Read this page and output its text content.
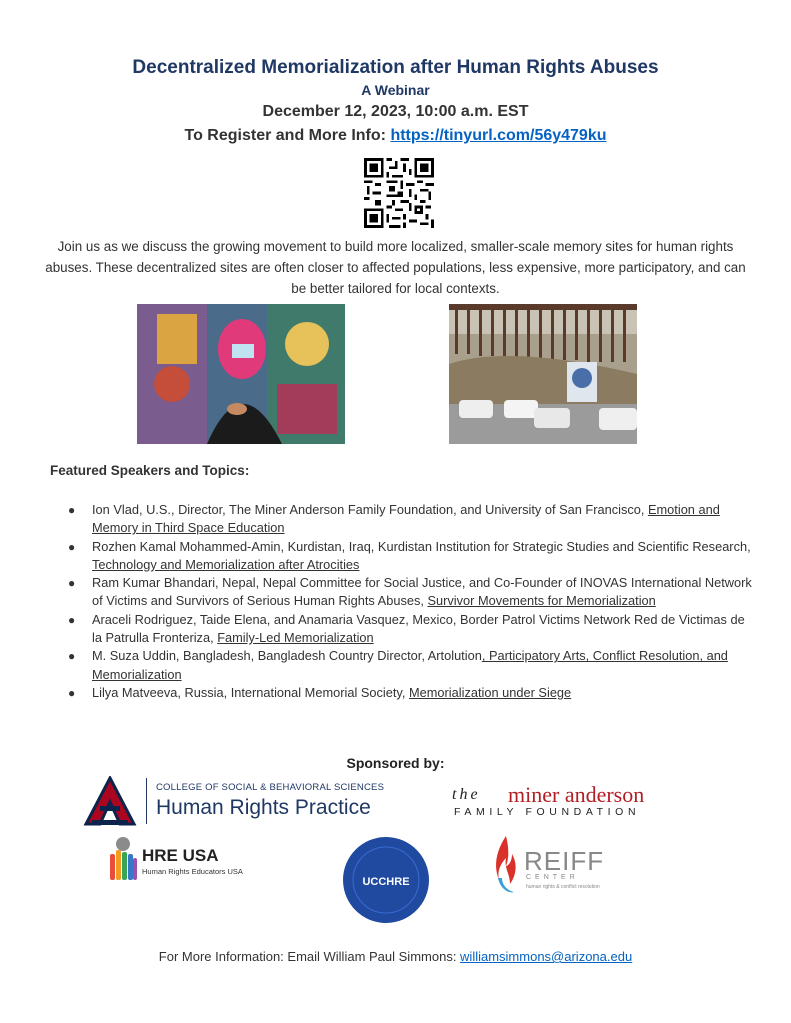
Decentralized Memorialization after Human Rights Abuses
A Webinar
December 12, 2023, 10:00 a.m. EST
To Register and More Info: https://tinyurl.com/56y479ku
Join us as we discuss the growing movement to build more localized, smaller-scale memory sites for human rights abuses. These decentralized sites are often closer to affected populations, less expensive, more participatory, and can be better tailored for local contexts.
Featured Speakers and Topics:
● Ion Vlad, U.S., Director, The Miner Anderson Family Foundation, and University of San Francisco, Emotion and Memory in Third Space Education
● Rozhen Kamal Mohammed-Amin, Kurdistan, Iraq, Kurdistan Institution for Strategic Studies and Scientific Research, Technology and Memorialization after Atrocities
● Ram Kumar Bhandari, Nepal, Nepal Committee for Social Justice, and Co-Founder of INOVAS International Network of Victims and Survivors of Serious Human Rights Abuses, Survivor Movements for Memorialization
● Araceli Rodriguez, Taide Elena, and Anamaria Vasquez, Mexico, Border Patrol Victims Network Red de Victimas de la Patrulla Fronteriza, Family-Led Memorialization
● M. Suza Uddin, Bangladesh, Bangladesh Country Director, Artolution, Participatory Arts, Conflict Resolution, and Memorialization
● Lilya Matveeva, Russia, International Memorial Society, Memorialization under Siege
Sponsored by:
COLLEGE OF SOCIAL & BEHAVIORAL SCIENCES
Human Rights Practice
the miner anderson
FAMILY FOUNDATION
HRE USA
Human Rights Educators USA
UCCHRE
REIFF
CENTER
human rights & conflict resolution
For More Information: Email William Paul Simmons: williamsimmons@arizona.edu
